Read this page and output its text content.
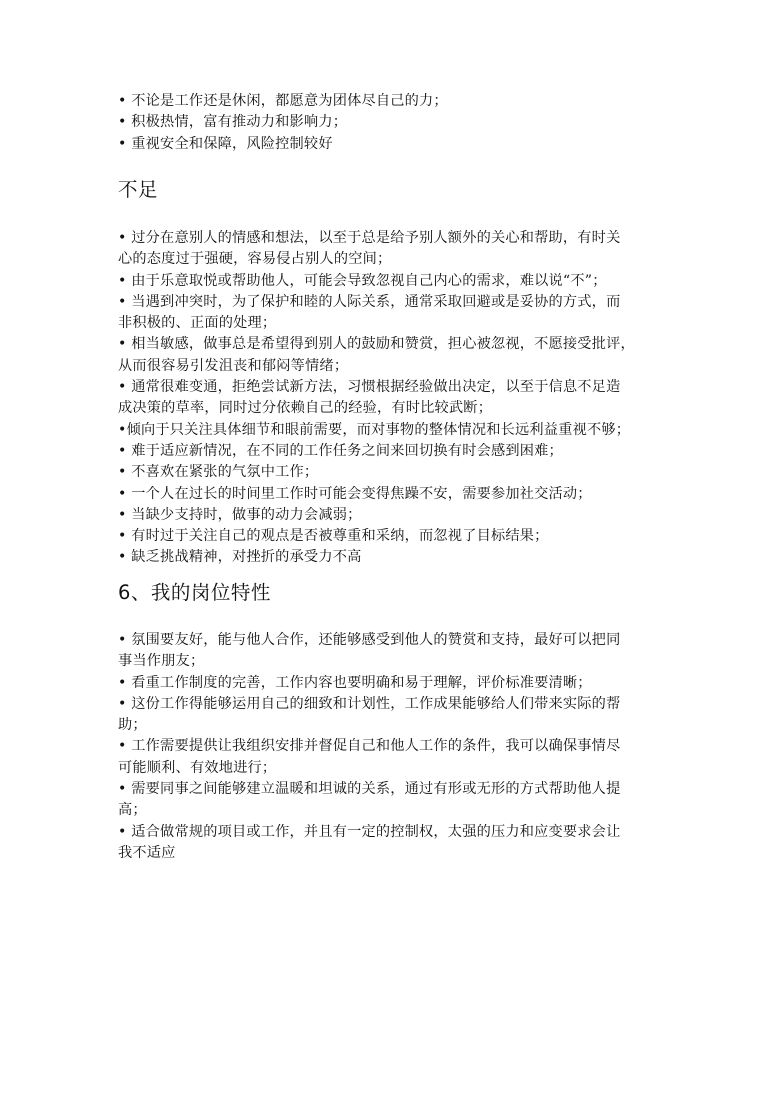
• 不论是工作还是休闲，都愿意为团体尽自己的力；
• 积极热情，富有推动力和影响力；
• 重视安全和保障，风险控制较好
不足
• 过分在意别人的情感和想法，以至于总是给予别人额外的关心和帮助，有时关
心的态度过于强硬，容易侵占别人的空间；
• 由于乐意取悦或帮助他人，可能会导致忽视自己内心的需求，难以说“不”；
• 当遇到冲突时，为了保护和睦的人际关系，通常采取回避或是妥协的方式，而
非积极的、正面的处理；
• 相当敏感，做事总是希望得到别人的鼓励和赞赏，担心被忽视，不愿接受批评，
从而很容易引发沮丧和郁闷等情绪；
• 通常很难变通，拒绝尝试新方法，习惯根据经验做出决定，以至于信息不足造
成决策的草率，同时过分依赖自己的经验，有时比较武断；
•倾向于只关注具体细节和眼前需要，而对事物的整体情况和长远利益重视不够；
• 难于适应新情况，在不同的工作任务之间来回切换有时会感到困难；
• 不喜欢在紧张的气氛中工作；
• 一个人在过长的时间里工作时可能会变得焦躁不安，需要参加社交活动；
• 当缺少支持时，做事的动力会减弱；
• 有时过于关注自己的观点是否被尊重和采纳，而忽视了目标结果；
• 缺乏挑战精神，对挫折的承受力不高
6、我的岗位特性
• 氛围要友好，能与他人合作，还能够感受到他人的赞赏和支持，最好可以把同
事当作朋友；
• 看重工作制度的完善，工作内容也要明确和易于理解，评价标准要清晰；
• 这份工作得能够运用自己的细致和计划性，工作成果能够给人们带来实际的帮
助；
• 工作需要提供让我组织安排并督促自己和他人工作的条件，我可以确保事情尽
可能顺利、有效地进行；
• 需要同事之间能够建立温暖和坦诚的关系，通过有形或无形的方式帮助他人提
高；
• 适合做常规的项目或工作，并且有一定的控制权，太强的压力和应变要求会让
我不适应
